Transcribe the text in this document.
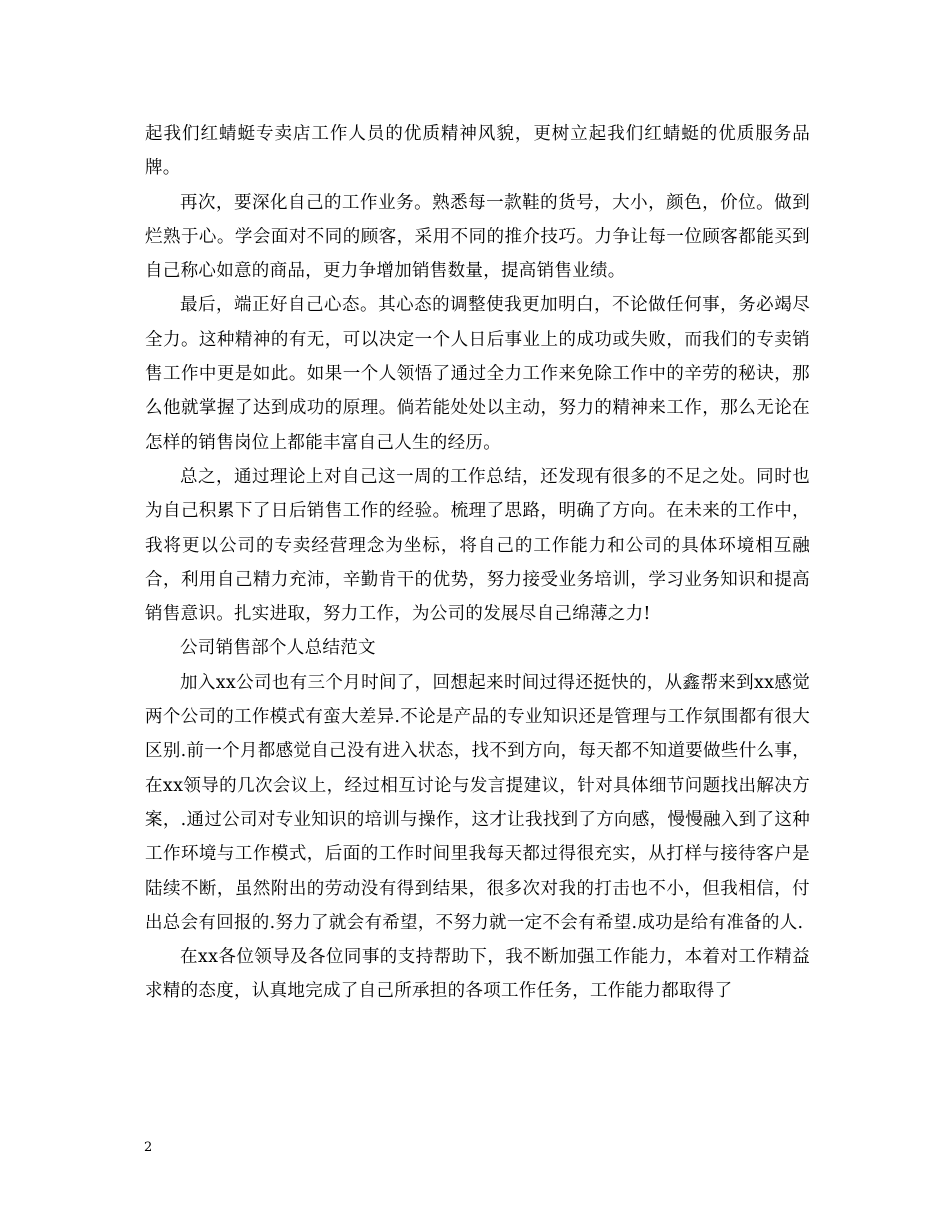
起我们红蜻蜓专卖店工作人员的优质精神风貌，更树立起我们红蜻蜓的优质服务品牌。

再次，要深化自己的工作业务。熟悉每一款鞋的货号，大小，颜色，价位。做到烂熟于心。学会面对不同的顾客，采用不同的推介技巧。力争让每一位顾客都能买到自己称心如意的商品，更力争增加销售数量，提高销售业绩。

最后，端正好自己心态。其心态的调整使我更加明白，不论做任何事，务必竭尽全力。这种精神的有无，可以决定一个人日后事业上的成功或失败，而我们的专卖销售工作中更是如此。如果一个人领悟了通过全力工作来免除工作中的辛劳的秘诀，那么他就掌握了达到成功的原理。倘若能处处以主动，努力的精神来工作，那么无论在怎样的销售岗位上都能丰富自己人生的经历。

总之，通过理论上对自己这一周的工作总结，还发现有很多的不足之处。同时也为自己积累下了日后销售工作的经验。梳理了思路，明确了方向。在未来的工作中，我将更以公司的专卖经营理念为坐标，将自己的工作能力和公司的具体环境相互融合，利用自己精力充沛，辛勤肯干的优势，努力接受业务培训，学习业务知识和提高销售意识。扎实进取，努力工作，为公司的发展尽自己绵薄之力!

公司销售部个人总结范文

加入xx公司也有三个月时间了，回想起来时间过得还挺快的，从鑫帮来到xx感觉两个公司的工作模式有蛮大差异.不论是产品的专业知识还是管理与工作氛围都有很大区别.前一个月都感觉自己没有进入状态，找不到方向，每天都不知道要做些什么事，在xx领导的几次会议上，经过相互讨论与发言提建议，针对具体细节问题找出解决方案，.通过公司对专业知识的培训与操作，这才让我找到了方向感，慢慢融入到了这种工作环境与工作模式，后面的工作时间里我每天都过得很充实，从打样与接待客户是陆续不断，虽然附出的劳动没有得到结果，很多次对我的打击也不小，但我相信，付出总会有回报的.努力了就会有希望，不努力就一定不会有希望.成功是给有准备的人.

在xx各位领导及各位同事的支持帮助下，我不断加强工作能力，本着对工作精益求精的态度，认真地完成了自己所承担的各项工作任务，工作能力都取得了

2
